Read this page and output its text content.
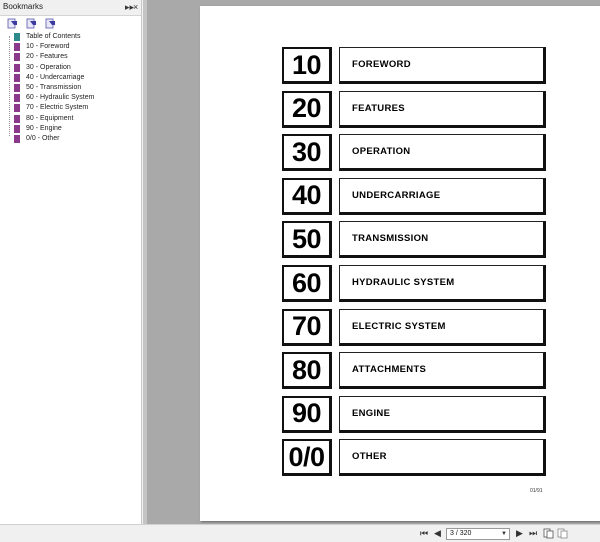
Bookmarks	▸▸
×
Table of Contents
10 - Foreword
20 - Features
30 - Operation
40 - Undercarriage
50 - Transmission
60 - Hydraulic System
70 - Electric System
80 - Equipment
90 - Engine
0/0 - Other
10	FOREWORD
20	FEATURES
30	OPERATION
40	UNDERCARRIAGE
50	TRANSMISSION
60	HYDRAULIC SYSTEM
70	ELECTRIC SYSTEM
80	ATTACHMENTS
90	ENGINE
0/0	OTHER
01/91
⏮ ◀	3 / 320	▼ ▶ ⏭
